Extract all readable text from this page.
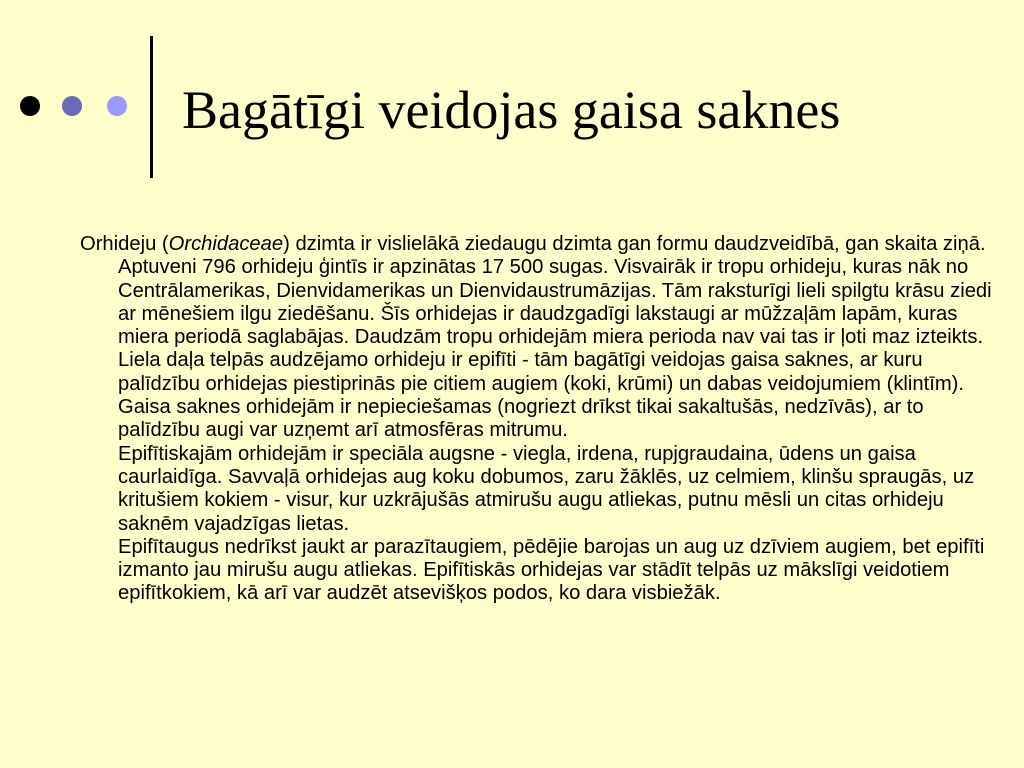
Bagātīgi veidojas gaisa saknes

Orhideju (Orchidaceae) dzimta ir vislielākā ziedaugu dzimta gan formu daudzveidībā, gan skaita ziņā. Aptuveni 796 orhideju ģintīs ir apzinātas 17 500 sugas. Visvairāk ir tropu orhideju, kuras nāk no Centrālamerikas, Dienvidamerikas un Dienvidaustrumāzijas. Tām raksturīgi lieli spilgtu krāsu ziedi ar mēnešiem ilgu ziedēšanu. Šīs orhidejas ir daudzgadīgi lakstaugi ar mūžzaļām lapām, kuras miera periodā saglabājas. Daudzām tropu orhidejām miera perioda nav vai tas ir ļoti maz izteikts. Liela daļa telpās audzējamo orhideju ir epifīti - tām bagātīgi veidojas gaisa saknes, ar kuru palīdzību orhidejas piestiprinās pie citiem augiem (koki, krūmi) un dabas veidojumiem (klintīm). Gaisa saknes orhidejām ir nepieciešamas (nogriezt drīkst tikai sakaltušās, nedzīvās), ar to palīdzību augi var uzņemt arī atmosfēras mitrumu.

Epifītiskajām orhidejām ir speciāla augsne - viegla, irdena, rupjgraudaina, ūdens un gaisa caurlaidīga. Savvaļā orhidejas aug koku dobumos, zaru žāklēs, uz celmiem, klinšu spraugās, uz kritušiem kokiem - visur, kur uzkrājušās atmirušu augu atliekas, putnu mēsli un citas orhideju saknēm vajadzīgas lietas.

Epifītaugus nedrīkst jaukt ar parazītaugiem, pēdējie barojas un aug uz dzīviem augiem, bet epifīti izmanto jau mirušu augu atliekas. Epifītiskās orhidejas var stādīt telpās uz mākslīgi veidotiem epifītkokiem, kā arī var audzēt atsevišķos podos, ko dara visbiežāk.
